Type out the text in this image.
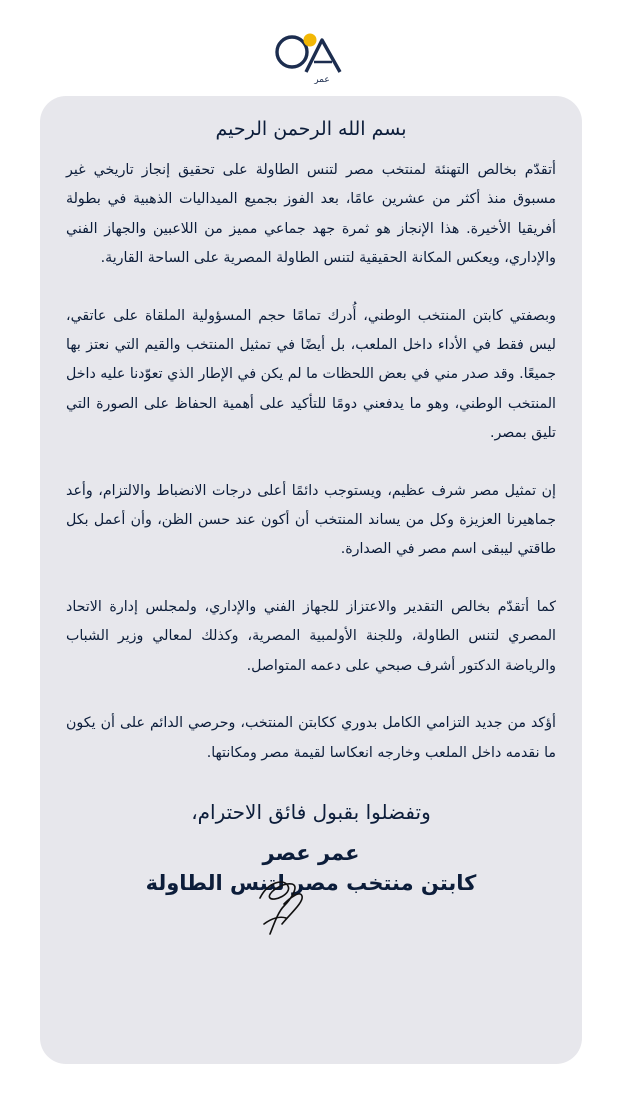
عمر
بسم الله الرحمن الرحيم

أتقدّم بخالص التهنئة لمنتخب مصر لتنس الطاولة على تحقيق إنجاز تاريخي غير مسبوق منذ أكثر من عشرين عامًا، بعد الفوز بجميع الميداليات الذهبية في بطولة أفريقيا الأخيرة. هذا الإنجاز هو ثمرة جهد جماعي مميز من اللاعبين والجهاز الفني والإداري، ويعكس المكانة الحقيقية لتنس الطاولة المصرية على الساحة القارية.

وبصفتي كابتن المنتخب الوطني، أُدرك تمامًا حجم المسؤولية الملقاة على عاتقي، ليس فقط في الأداء داخل الملعب، بل أيضًا في تمثيل المنتخب والقيم التي نعتز بها جميعًا. وقد صدر مني في بعض اللحظات ما لم يكن في الإطار الذي تعوّدنا عليه داخل المنتخب الوطني، وهو ما يدفعني دومًا للتأكيد على أهمية الحفاظ على الصورة التي تليق بمصر.

إن تمثيل مصر شرف عظيم، ويستوجب دائمًا أعلى درجات الانضباط والالتزام، وأعد جماهيرنا العزيزة وكل من يساند المنتخب أن أكون عند حسن الظن، وأن أعمل بكل طاقتي ليبقى اسم مصر في الصدارة.

كما أتقدّم بخالص التقدير والاعتزاز للجهاز الفني والإداري، ولمجلس إدارة الاتحاد المصري لتنس الطاولة، وللجنة الأولمبية المصرية، وكذلك لمعالي وزير الشباب والرياضة الدكتور أشرف صبحي على دعمه المتواصل.

أؤكد من جديد التزامي الكامل بدوري ككابتن المنتخب، وحرصي الدائم على أن يكون ما نقدمه داخل الملعب وخارجه انعكاسا لقيمة مصر ومكانتها.

وتفضلوا بقبول فائق الاحترام،

عمر عصر

كابتن منتخب مصر لتنس الطاولة
